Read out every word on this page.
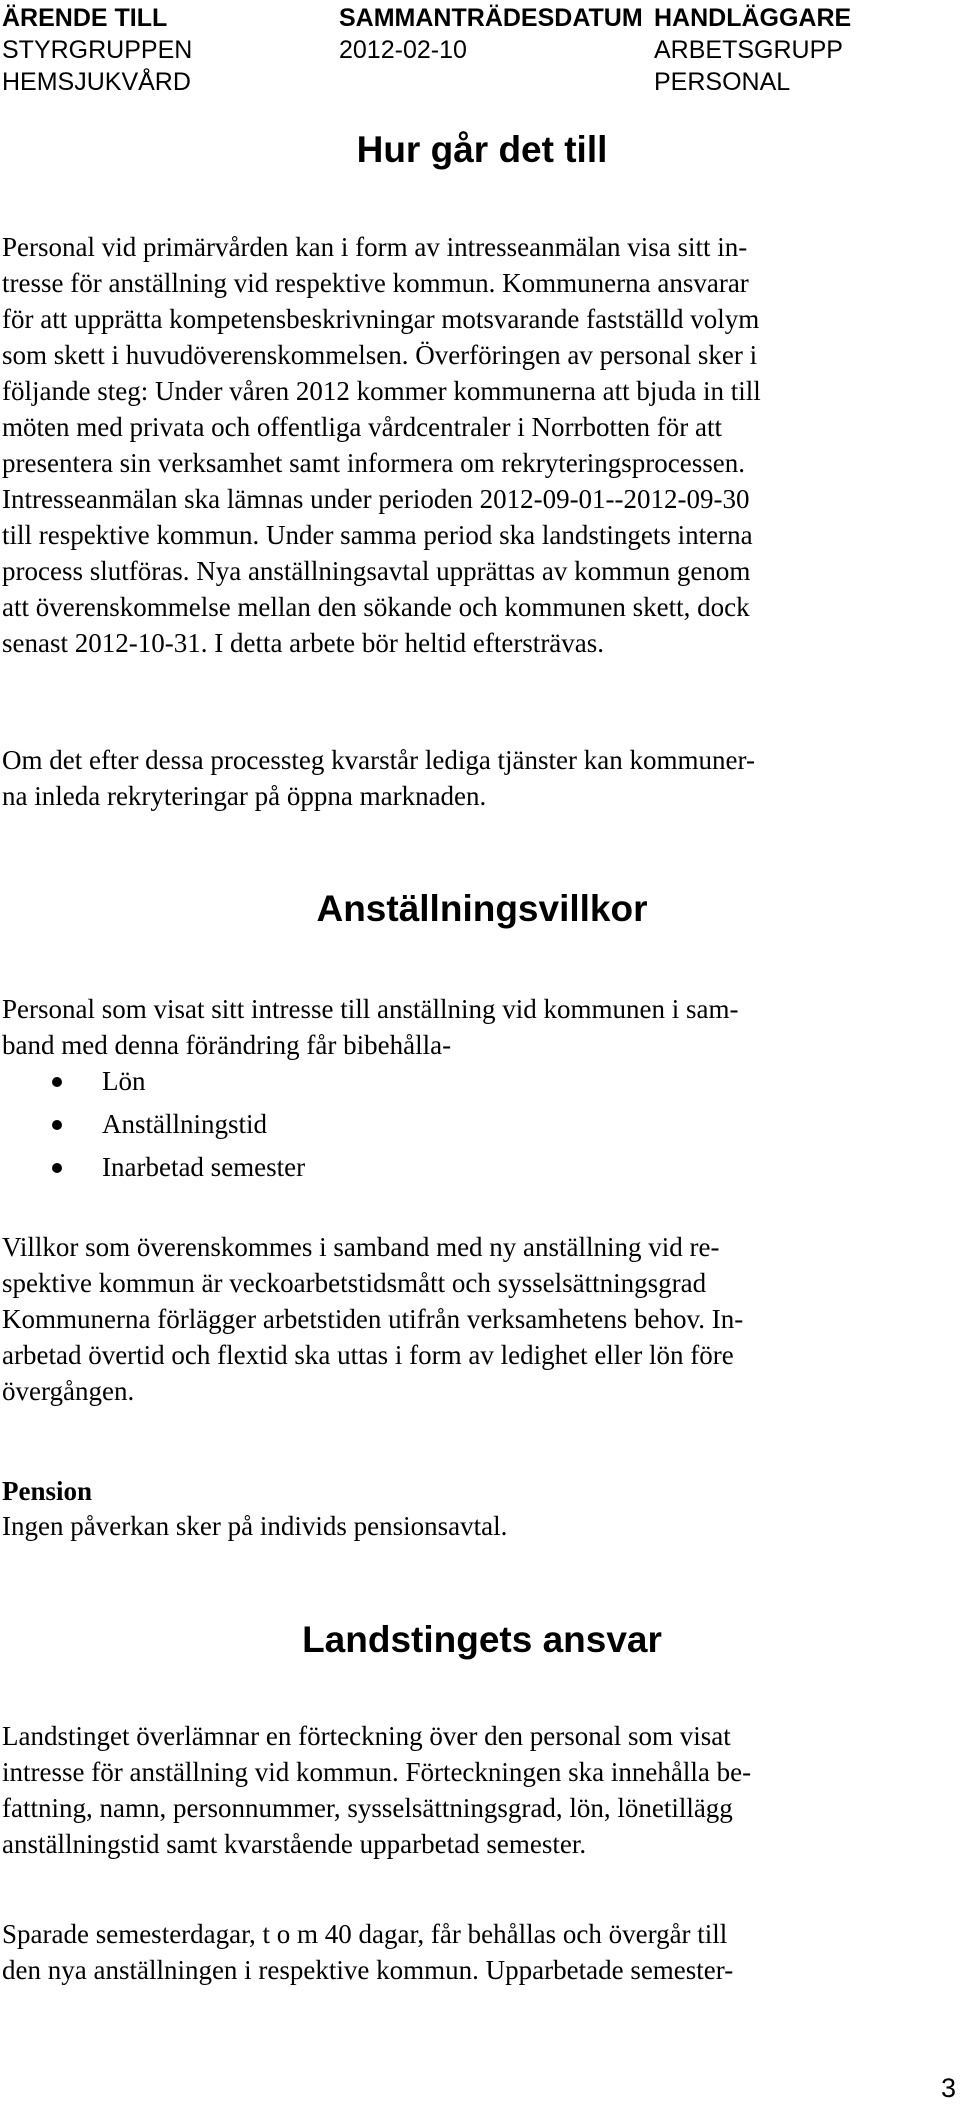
ÄRENDE TILL
STYRGRUPPEN
HEMSJUKVÅRD
SAMMANTRÄDESDATUM
2012-02-10
HANDLÄGGARE
ARBETSGRUPP
PERSONAL
Hur går det till

Personal vid primärvården kan i form av intresseanmälan visa sitt in-
tresse för anställning vid respektive kommun. Kommunerna ansvarar
för att upprätta kompetensbeskrivningar motsvarande fastställd volym
som skett i huvudöverenskommelsen. Överföringen av personal sker i
följande steg: Under våren 2012 kommer kommunerna att bjuda in till
möten med privata och offentliga vårdcentraler i Norrbotten för att
presentera sin verksamhet samt informera om rekryteringsprocessen.
Intresseanmälan ska lämnas under perioden 2012-09-01--2012-09-30
till respektive kommun. Under samma period ska landstingets interna
process slutföras. Nya anställningsavtal upprättas av kommun genom
att överenskommelse mellan den sökande och kommunen skett, dock
senast 2012-10-31. I detta arbete bör heltid eftersträvas.

Om det efter dessa processteg kvarstår lediga tjänster kan kommuner-
na inleda rekryteringar på öppna marknaden.

Anställningsvillkor

Personal som visat sitt intresse till anställning vid kommunen i sam-
band med denna förändring får bibehålla-

Lön
Anställningstid
Inarbetad semester

Villkor som överenskommes i samband med ny anställning vid re-
spektive kommun är veckoarbetstidsmått och sysselsättningsgrad
Kommunerna förlägger arbetstiden utifrån verksamhetens behov. In-
arbetad övertid och flextid ska uttas i form av ledighet eller lön före
övergången.

Pension

Ingen påverkan sker på individs pensionsavtal.

Landstingets ansvar

Landstinget överlämnar en förteckning över den personal som visat
intresse för anställning vid kommun. Förteckningen ska innehålla be-
fattning, namn, personnummer, sysselsättningsgrad, lön, lönetillägg
anställningstid samt kvarstående upparbetad semester.

Sparade semesterdagar, t o m 40 dagar, får behållas och övergår till
den nya anställningen i respektive kommun. Upparbetade semester-

3
